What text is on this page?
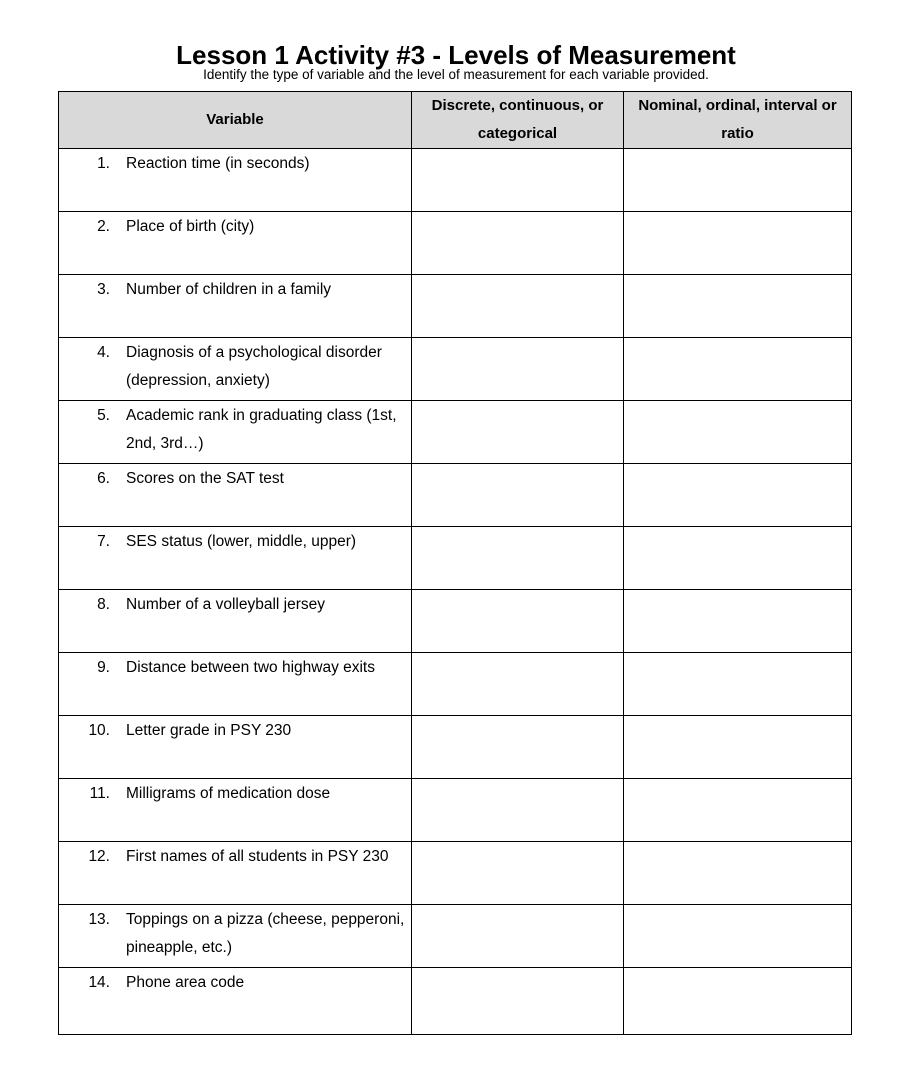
Lesson 1 Activity #3 - Levels of Measurement
Identify the type of variable and the level of measurement for each variable provided.
Variable	Discrete, continuous, or categorical	Nominal, ordinal, interval or ratio

1. Reaction time (in seconds)		

2. Place of birth (city)		

3. Number of children in a family		

4. Diagnosis of a psychological disorder (depression, anxiety)		

5. Academic rank in graduating class (1st, 2nd, 3rd…)		

6. Scores on the SAT test		

7. SES status (lower, middle, upper)		

8. Number of a volleyball jersey		

9. Distance between two highway exits		

10. Letter grade in PSY 230		

11. Milligrams of medication dose		

12. First names of all students in PSY 230		

13. Toppings on a pizza (cheese, pepperoni, pineapple, etc.)		

14. Phone area code		
